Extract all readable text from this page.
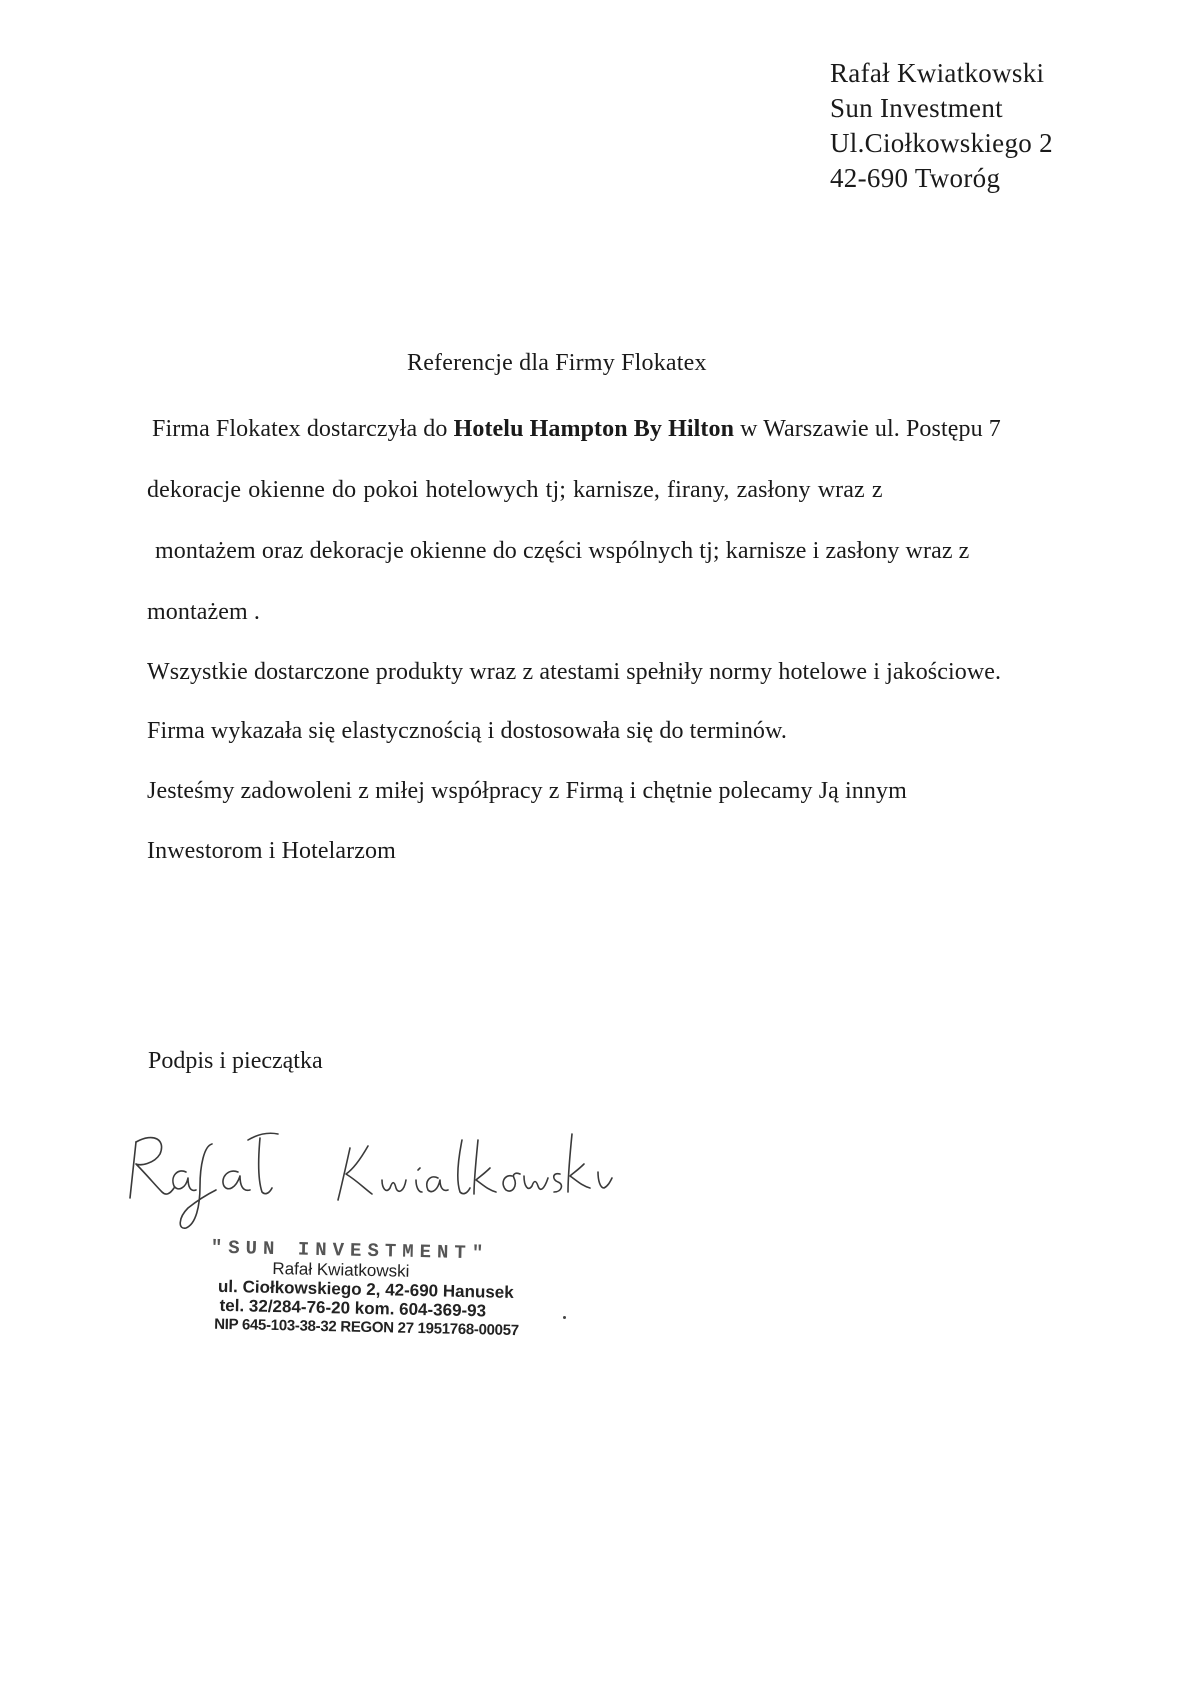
Rafał Kwiatkowski
Sun Investment
Ul.Ciołkowskiego 2
42-690 Tworóg
Referencje dla Firmy Flokatex
Firma Flokatex dostarczyła do Hotelu Hampton By Hilton w Warszawie ul. Postępu 7
dekoracje okienne do pokoi hotelowych tj; karnisze, firany, zasłony wraz z
montażem oraz dekoracje okienne do części wspólnych tj; karnisze i zasłony wraz z
montażem .
Wszystkie dostarczone produkty wraz z atestami spełniły normy hotelowe i jakościowe.
Firma wykazała się elastycznością i dostosowała się do terminów.
Jesteśmy zadowoleni z miłej współpracy z Firmą i chętnie polecamy Ją innym
Inwestorom i Hotelarzom
Podpis i pieczątka
"SUN INVESTMENT"
Rafał Kwiatkowski
ul. Ciołkowskiego 2, 42-690 Hanusek
tel. 32/284-76-20 kom. 604-369-93
NIP 645-103-38-32 REGON 27 1951768-00057
